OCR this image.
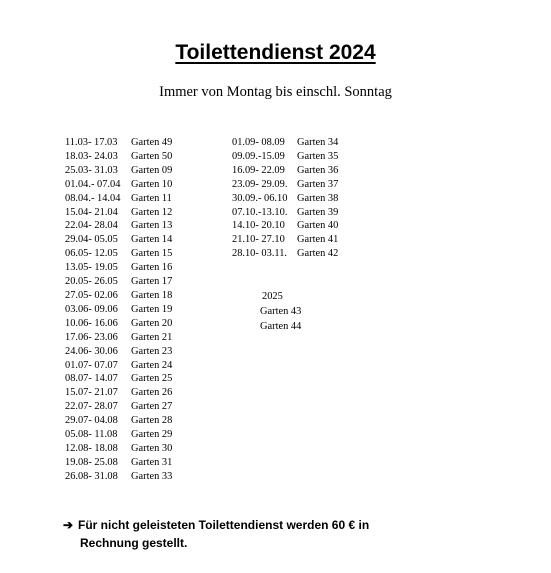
Toilettendienst 2024

Immer von Montag bis einschl. Sonntag

11.03- 17.03 Garten 49
18.03- 24.03 Garten 50
25.03- 31.03 Garten 09
01.04.- 07.04 Garten 10
08.04.- 14.04 Garten 11
15.04- 21.04 Garten 12
22.04- 28.04 Garten 13
29.04- 05.05 Garten 14
06.05- 12.05 Garten 15
13.05- 19.05 Garten 16
20.05- 26.05 Garten 17
27.05- 02.06 Garten 18
03.06- 09.06 Garten 19
10.06- 16.06 Garten 20
17.06- 23.06 Garten 21
24.06- 30.06 Garten 23
01.07- 07.07 Garten 24
08.07- 14.07 Garten 25
15.07- 21.07 Garten 26
22.07- 28.07 Garten 27
29.07- 04.08 Garten 28
05.08- 11.08 Garten 29
12.08- 18.08 Garten 30
19.08- 25.08 Garten 31
26.08- 31.08 Garten 33
01.09- 08.09 Garten 34
09.09.-15.09 Garten 35
16.09- 22.09 Garten 36
23.09- 29.09. Garten 37
30.09.- 06.10 Garten 38
07.10.-13.10. Garten 39
14.10- 20.10 Garten 40
21.10- 27.10 Garten 41
28.10- 03.11. Garten 42
2025
Garten 43
Garten 44
➔ Für nicht geleisteten Toilettendienst werden 60 € in
Rechnung gestellt.
